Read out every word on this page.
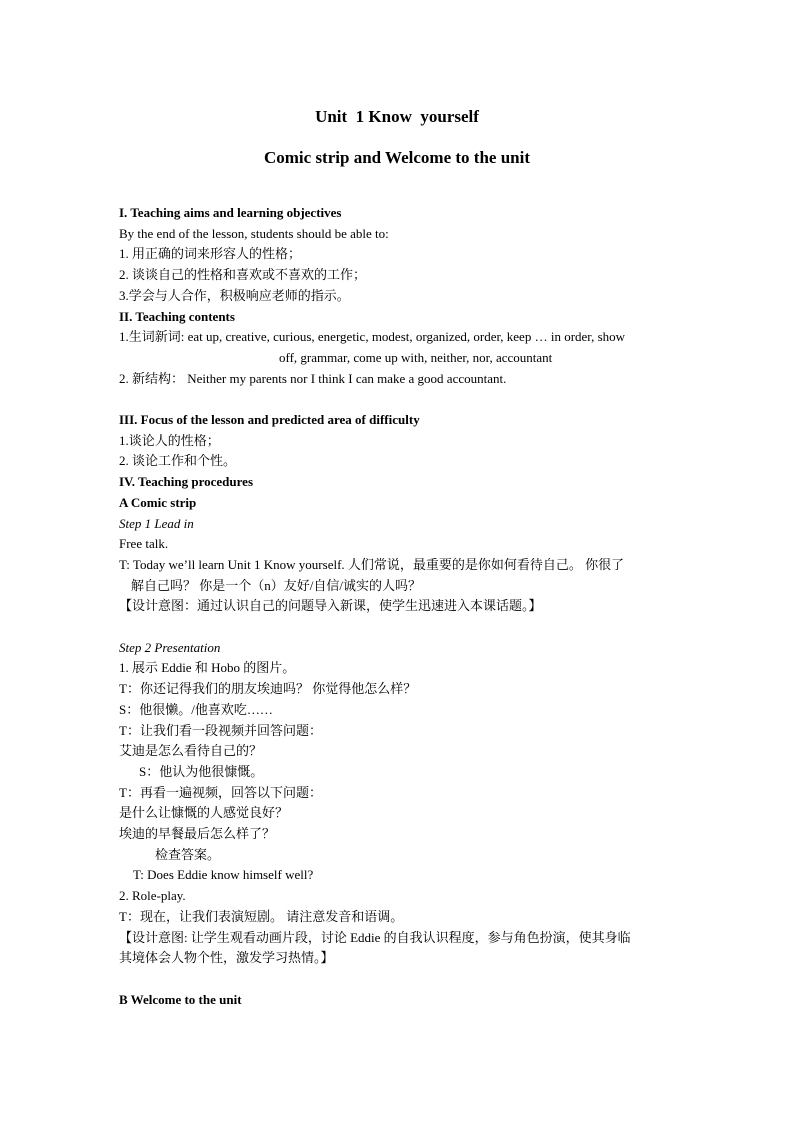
Unit  1 Know  yourself
Comic strip and Welcome to the unit
I. Teaching aims and learning objectives
By the end of the lesson, students should be able to:
1. 用正确的词来形容人的性格；
2. 谈谈自己的性格和喜欢或不喜欢的工作；
3.学会与人合作，积极响应老师的指示。
II. Teaching contents
1.生词新词: eat up, creative, curious, energetic, modest, organized, order, keep … in order, show
off, grammar, come up with, neither, nor, accountant
2. 新结构： Neither my parents nor I think I can make a good accountant.
III. Focus of the lesson and predicted area of difficulty
1.谈论人的性格；
2. 谈论工作和个性。
IV. Teaching procedures
A Comic strip
Step 1 Lead in
Free talk.
T: Today we’ll learn Unit 1 Know yourself. 人们常说，最重要的是你如何看待自己。 你很了
解自己吗？ 你是一个（n）友好/自信/诚实的人吗？
【设计意图：通过认识自己的问题导入新课，使学生迅速进入本课话题。】
Step 2 Presentation
1. 展示 Eddie 和 Hobo 的图片。
T：你还记得我们的朋友埃迪吗？ 你觉得他怎么样？
S：他很懒。/他喜欢吃……
T：让我们看一段视频并回答问题：
艾迪是怎么看待自己的？
S：他认为他很慷慨。
T：再看一遍视频，回答以下问题：
是什么让慷慨的人感觉良好？
埃迪的早餐最后怎么样了？
检查答案。
T: Does Eddie know himself well?
2. Role-play.
T：现在，让我们表演短剧。 请注意发音和语调。
【设计意图: 让学生观看动画片段，讨论 Eddie 的自我认识程度，参与角色扮演，使其身临
其境体会人物个性，激发学习热情。】
B Welcome to the unit
